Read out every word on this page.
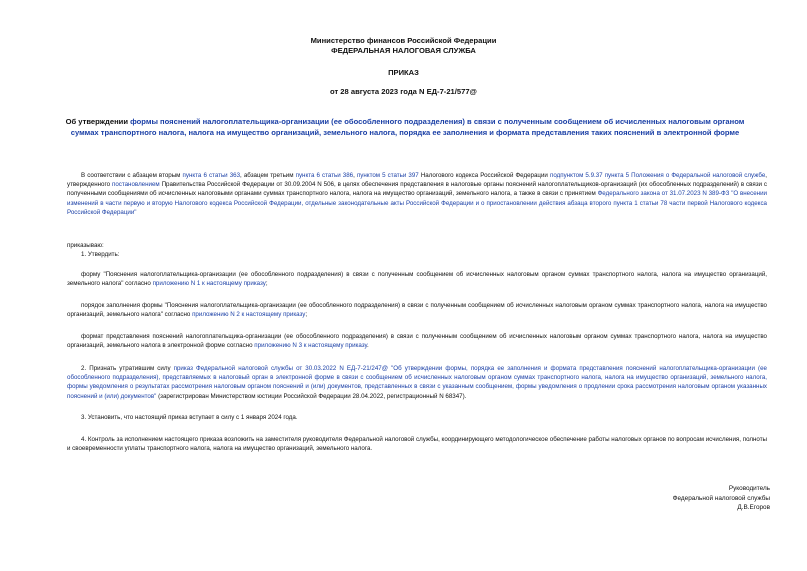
Министерство финансов Российской Федерации
ФЕДЕРАЛЬНАЯ НАЛОГОВАЯ СЛУЖБА
ПРИКАЗ
от 28 августа 2023 года N ЕД-7-21/577@
Об утверждении формы пояснений налогоплательщика-организации (ее обособленного подразделения) в связи с полученным сообщением об исчисленных налоговым органом суммах транспортного налога, налога на имущество организаций, земельного налога, порядка ее заполнения и формата представления таких пояснений в электронной форме
В соответствии с абзацем вторым пункта 6 статьи 363, абзацем третьим пункта 6 статьи 386, пунктом 5 статьи 397 Налогового кодекса Российской Федерации подпунктом 5.9.37 пункта 5 Положения о Федеральной налоговой службе, утвержденного постановлением Правительства Российской Федерации от 30.09.2004 N 506, в целях обеспечения представления в налоговые органы пояснений налогоплательщиков-организаций (их обособленных подразделений) в связи с полученными сообщениями об исчисленных налоговыми органами суммах транспортного налога, налога на имущество организаций, земельного налога, а также в связи с принятием Федерального закона от 31.07.2023 N 389-ФЗ "О внесении изменений в части первую и вторую Налогового кодекса Российской Федерации, отдельные законодательные акты Российской Федерации и о приостановлении действия абзаца второго пункта 1 статьи 78 части первой Налогового кодекса Российской Федерации"
приказываю:
1. Утвердить:
форму "Пояснения налогоплательщика-организации (ее обособленного подразделения) в связи с полученным сообщением об исчисленных налоговым органом суммах транспортного налога, налога на имущество организаций, земельного налога" согласно приложению N 1 к настоящему приказу;
порядок заполнения формы "Пояснения налогоплательщика-организации (ее обособленного подразделения) в связи с полученным сообщением об исчисленных налоговым органом суммах транспортного налога, налога на имущество организаций, земельного налога" согласно приложению N 2 к настоящему приказу;
формат представления пояснений налогоплательщика-организации (ее обособленного подразделения) в связи с полученным сообщением об исчисленных налоговым органом суммах транспортного налога, налога на имущество организаций, земельного налога в электронной форме согласно приложению N 3 к настоящему приказу.
2. Признать утратившим силу приказ Федеральной налоговой службы от 30.03.2022 N ЕД-7-21/247@ "Об утверждении формы, порядка ее заполнения и формата представления пояснений налогоплательщика-организации (ее обособленного подразделения), представляемых в налоговый орган в электронной форме в связи с сообщением об исчисленных налоговым органом суммах транспортного налога, налога на имущество организаций, земельного налога, формы уведомления о результатах рассмотрения налоговым органом пояснений и (или) документов, представленных в связи с указанным сообщением, формы уведомления о продлении срока рассмотрения налоговым органом указанных пояснений и (или) документов" (зарегистрирован Министерством юстиции Российской Федерации 28.04.2022, регистрационный N 68347).
3. Установить, что настоящий приказ вступает в силу с 1 января 2024 года.
4. Контроль за исполнением настоящего приказа возложить на заместителя руководителя Федеральной налоговой службы, координирующего методологическое обеспечение работы налоговых органов по вопросам исчисления, полноты и своевременности уплаты транспортного налога, налога на имущество организаций, земельного налога.
Руководитель
Федеральной налоговой службы
Д.В.Егоров
